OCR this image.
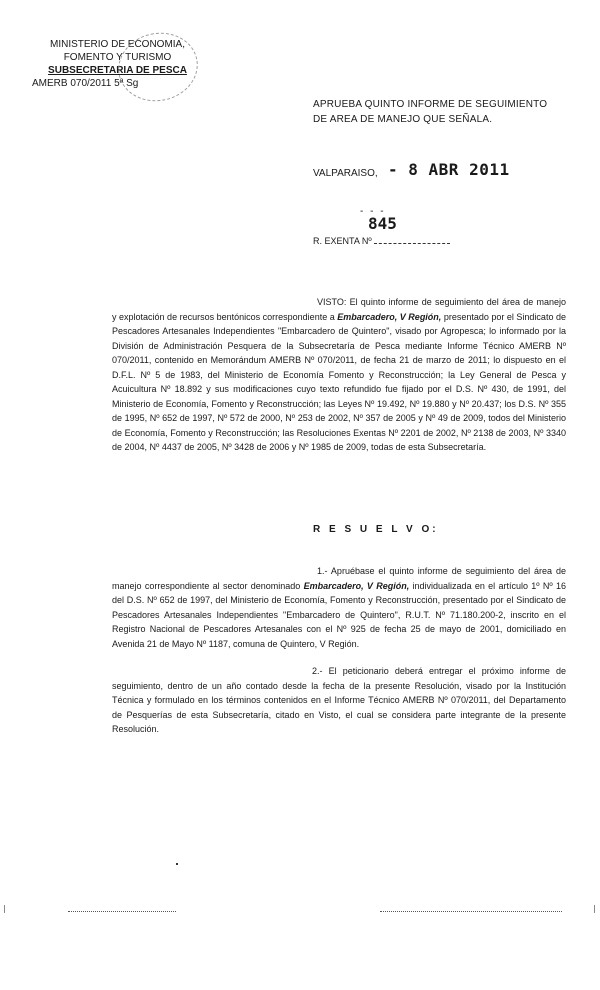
MINISTERIO DE ECONOMIA,
FOMENTO Y TURISMO
SUBSECRETARIA DE PESCA
AMERB 070/2011 5ª Sg
APRUEBA QUINTO INFORME DE SEGUIMIENTO DE AREA DE MANEJO QUE SEÑALA.
VALPARAISO, - 8 ABR 2011
- - -
845
R. EXENTA Nº
VISTO: El quinto informe de seguimiento del área de manejo y explotación de recursos bentónicos correspondiente a Embarcadero, V Región, presentado por el Sindicato de Pescadores Artesanales Independientes "Embarcadero de Quintero", visado por Agropesca; lo informado por la División de Administración Pesquera de la Subsecretaría de Pesca mediante Informe Técnico AMERB Nº 070/2011, contenido en Memorándum AMERB Nº 070/2011, de fecha 21 de marzo de 2011; lo dispuesto en el D.F.L. Nº 5 de 1983, del Ministerio de Economía Fomento y Reconstrucción; la Ley General de Pesca y Acuicultura Nº 18.892 y sus modificaciones cuyo texto refundido fue fijado por el D.S. Nº 430, de 1991, del Ministerio de Economía, Fomento y Reconstrucción; las Leyes Nº 19.492, Nº 19.880 y Nº 20.437; los D.S. Nº 355 de 1995, Nº 652 de 1997, Nº 572 de 2000, Nº 253 de 2002, Nº 357 de 2005 y Nº 49 de 2009, todos del Ministerio de Economía, Fomento y Reconstrucción; las Resoluciones Exentas Nº 2201 de 2002, Nº 2138 de 2003, Nº 3340 de 2004, Nº 4437 de 2005, Nº 3428 de 2006 y Nº 1985 de 2009, todas de esta Subsecretaría.
R E S U E L V O:
1.- Apruébase el quinto informe de seguimiento del área de manejo correspondiente al sector denominado Embarcadero, V Región, individualizada en el artículo 1º Nº 16 del D.S. Nº 652 de 1997, del Ministerio de Economía, Fomento y Reconstrucción, presentado por el Sindicato de Pescadores Artesanales Independientes "Embarcadero de Quintero", R.U.T. Nº 71.180.200-2, inscrito en el Registro Nacional de Pescadores Artesanales con el Nº 925 de fecha 25 de mayo de 2001, domiciliado en Avenida 21 de Mayo Nº 1187, comuna de Quintero, V Región.
2.- El peticionario deberá entregar el próximo informe de seguimiento, dentro de un año contado desde la fecha de la presente Resolución, visado por la Institución Técnica y formulado en los términos contenidos en el Informe Técnico AMERB Nº 070/2011, del Departamento de Pesquerías de esta Subsecretaría, citado en Visto, el cual se considera parte integrante de la presente Resolución.
